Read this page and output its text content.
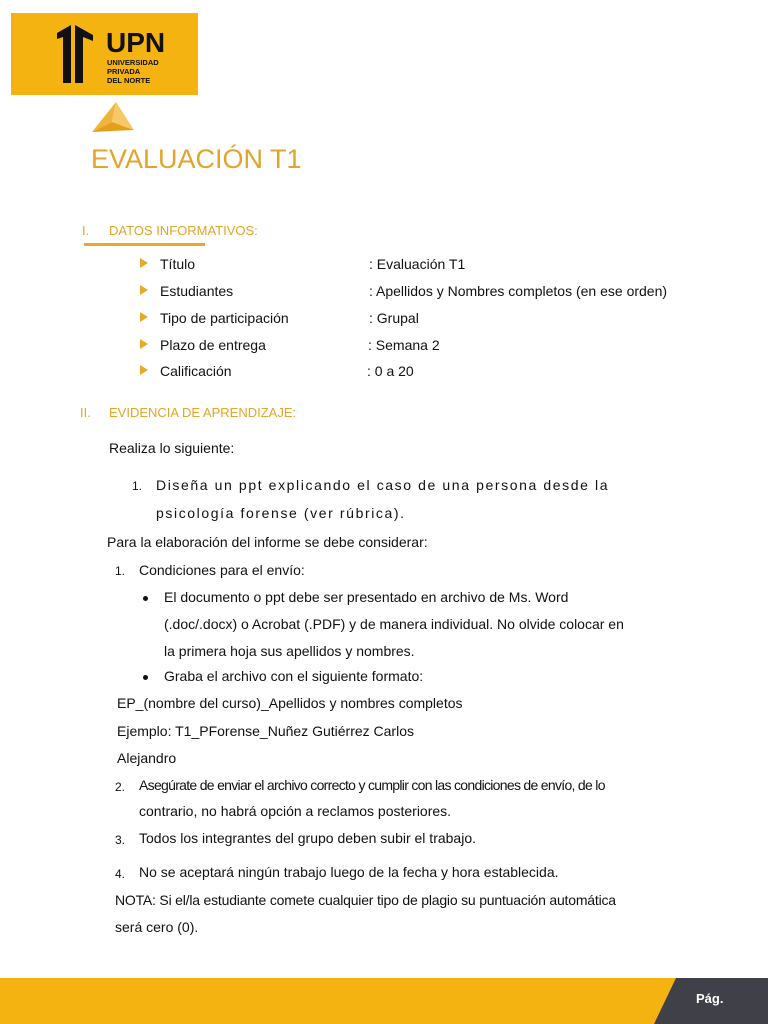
UPN
UNIVERSIDAD
PRIVADA
DEL NORTE
EVALUACIÓN T1
I. DATOS INFORMATIVOS:
Título	: Evaluación T1
Estudiantes	: Apellidos y Nombres completos (en ese orden)
Tipo de participación	: Grupal
Plazo de entrega	: Semana 2
Calificación	: 0 a 20
II. EVIDENCIA DE APRENDIZAJE:
Realiza lo siguiente:
1. Diseña un ppt explicando el caso de una persona desde la
psicología forense (ver rúbrica).
Para la elaboración del informe se debe considerar:
1. Condiciones para el envío:
El documento o ppt debe ser presentado en archivo de Ms. Word
(.doc/.docx) o Acrobat (.PDF) y de manera individual. No olvide colocar en
la primera hoja sus apellidos y nombres.
Graba el archivo con el siguiente formato:
EP_(nombre del curso)_Apellidos y nombres completos
Ejemplo: T1_PForense_Nuñez Gutiérrez Carlos
Alejandro
2. Asegúrate de enviar el archivo correcto y cumplir con las condiciones de envío, de lo
contrario, no habrá opción a reclamos posteriores.
3. Todos los integrantes del grupo deben subir el trabajo.
4. No se aceptará ningún trabajo luego de la fecha y hora establecida.
NOTA: Si el/la estudiante comete cualquier tipo de plagio su puntuación automática
será cero (0).
Pág.
